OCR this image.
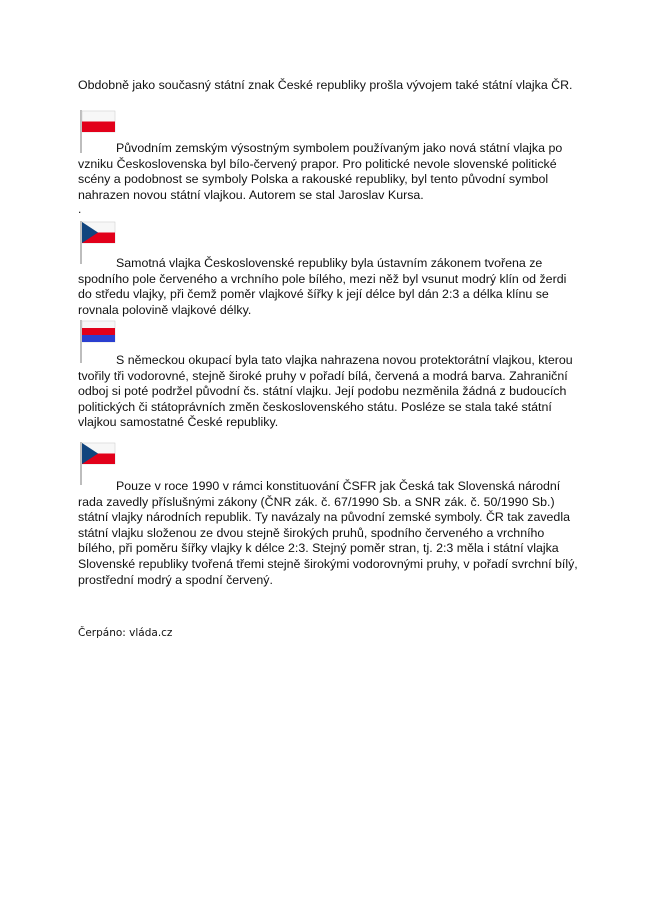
Obdobně jako současný státní znak České republiky prošla vývojem také státní vlajka ČR.

Původním zemským výsostným symbolem používaným jako nová státní vlajka po vzniku Československa byl bílo-červený prapor. Pro politické nevole slovenské politické scény a podobnost se symboly Polska a rakouské republiky, byl tento původní symbol nahrazen novou státní vlajkou. Autorem se stal Jaroslav Kursa.

.

Samotná vlajka Československé republiky byla ústavním zákonem tvořena ze spodního pole červeného a vrchního pole bílého, mezi něž byl vsunut modrý klín od žerdi do středu vlajky, při čemž poměr vlajkové šířky k její délce byl dán 2:3 a délka klínu se rovnala polovině vlajkové délky.

S německou okupací byla tato vlajka nahrazena novou protektorátní vlajkou, kterou tvořily tři vodorovné, stejně široké pruhy v pořadí bílá, červená a modrá barva. Zahraniční odboj si poté podržel původní čs. státní vlajku. Její podobu nezměnila žádná z budoucích politických či státoprávních změn československého státu. Posléze se stala také státní vlajkou samostatné České republiky.

Pouze v roce 1990 v rámci konstituování ČSFR jak Česká tak Slovenská národní rada zavedly příslušnými zákony (ČNR zák. č. 67/1990 Sb. a SNR zák. č. 50/1990 Sb.) státní vlajky národních republik. Ty navázaly na původní zemské symboly. ČR tak zavedla státní vlajku složenou ze dvou stejně širokých pruhů, spodního červeného a vrchního bílého, při poměru šířky vlajky k délce 2:3. Stejný poměr stran, tj. 2:3 měla i státní vlajka Slovenské republiky tvořená třemi stejně širokými vodorovnými pruhy, v pořadí svrchní bílý, prostřední modrý a spodní červený.

Čerpáno: vláda.cz
